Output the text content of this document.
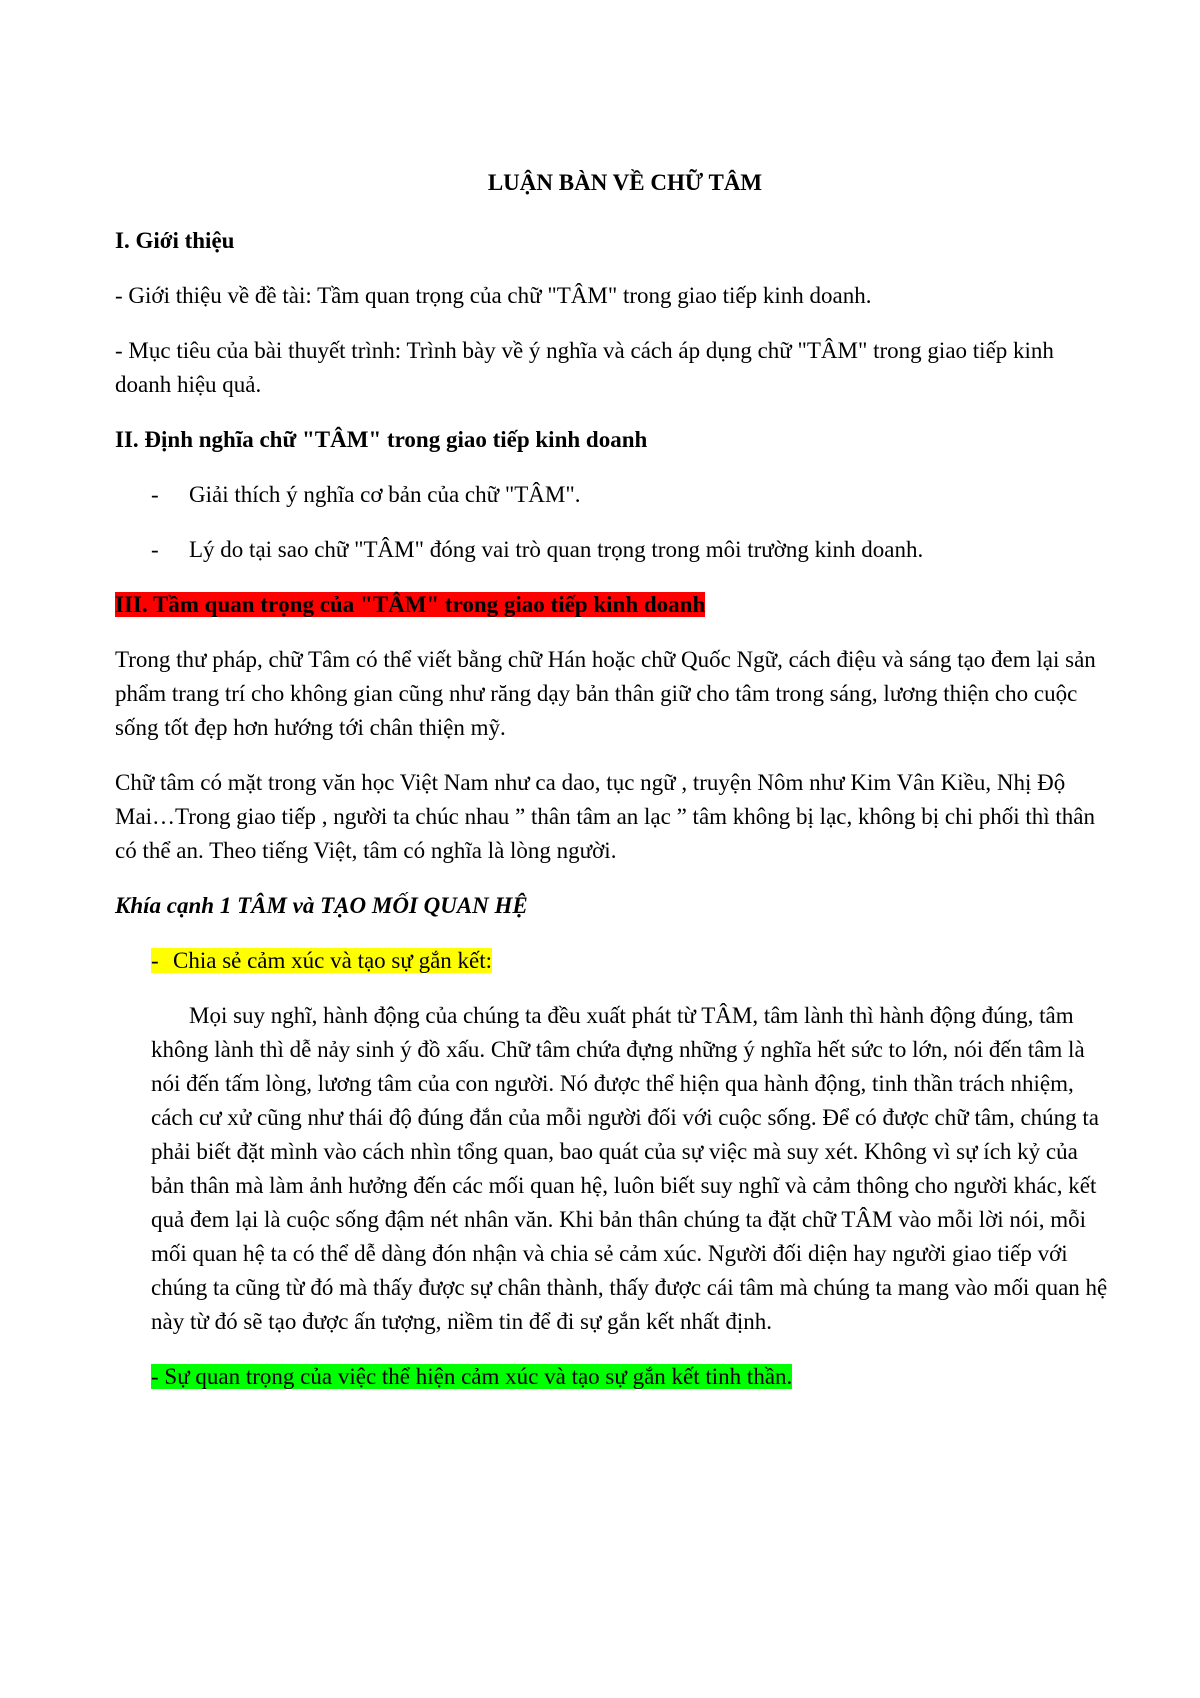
LUẬN BÀN VỀ CHỮ TÂM
I. Giới thiệu
- Giới thiệu về đề tài: Tầm quan trọng của chữ "TÂM" trong giao tiếp kinh doanh.
- Mục tiêu của bài thuyết trình: Trình bày về ý nghĩa và cách áp dụng chữ "TÂM" trong giao tiếp kinh doanh hiệu quả.
II. Định nghĩa chữ "TÂM" trong giao tiếp kinh doanh
- Giải thích ý nghĩa cơ bản của chữ "TÂM".
- Lý do tại sao chữ "TÂM" đóng vai trò quan trọng trong môi trường kinh doanh.
III. Tầm quan trọng của "TÂM" trong giao tiếp kinh doanh
Trong thư pháp, chữ Tâm có thể viết bằng chữ Hán hoặc chữ Quốc Ngữ, cách điệu và sáng tạo đem lại sản phẩm trang trí cho không gian cũng như răng dạy bản thân giữ cho tâm trong sáng, lương thiện cho cuộc sống tốt đẹp hơn hướng tới chân thiện mỹ.
Chữ tâm có mặt trong văn học Việt Nam như ca dao, tục ngữ , truyện Nôm như Kim Vân Kiều, Nhị Độ Mai…Trong giao tiếp , người ta chúc nhau ” thân tâm an lạc ” tâm không bị lạc, không bị chi phối thì thân có thể an. Theo tiếng Việt, tâm có nghĩa là lòng người.
Khía cạnh 1 TÂM và TẠO MỐI QUAN HỆ
- Chia sẻ cảm xúc và tạo sự gắn kết:
Mọi suy nghĩ, hành động của chúng ta đều xuất phát từ TÂM, tâm lành thì hành động đúng, tâm không lành thì dễ nảy sinh ý đồ xấu. Chữ tâm chứa đựng những ý nghĩa hết sức to lớn, nói đến tâm là nói đến tấm lòng, lương tâm của con người. Nó được thể hiện qua hành động, tinh thần trách nhiệm, cách cư xử cũng như thái độ đúng đắn của mỗi người đối với cuộc sống. Để có được chữ tâm, chúng ta phải biết đặt mình vào cách nhìn tổng quan, bao quát của sự việc mà suy xét. Không vì sự ích kỷ của bản thân mà làm ảnh hưởng đến các mối quan hệ, luôn biết suy nghĩ và cảm thông cho người khác, kết quả đem lại là cuộc sống đậm nét nhân văn. Khi bản thân chúng ta đặt chữ TÂM vào mỗi lời nói, mỗi mối quan hệ ta có thể dễ dàng đón nhận và chia sẻ cảm xúc. Người đối diện hay người giao tiếp với chúng ta cũng từ đó mà thấy được sự chân thành, thấy được cái tâm mà chúng ta mang vào mối quan hệ này từ đó sẽ tạo được ấn tượng, niềm tin để đi sự gắn kết nhất định.
- Sự quan trọng của việc thể hiện cảm xúc và tạo sự gắn kết tinh thần.
